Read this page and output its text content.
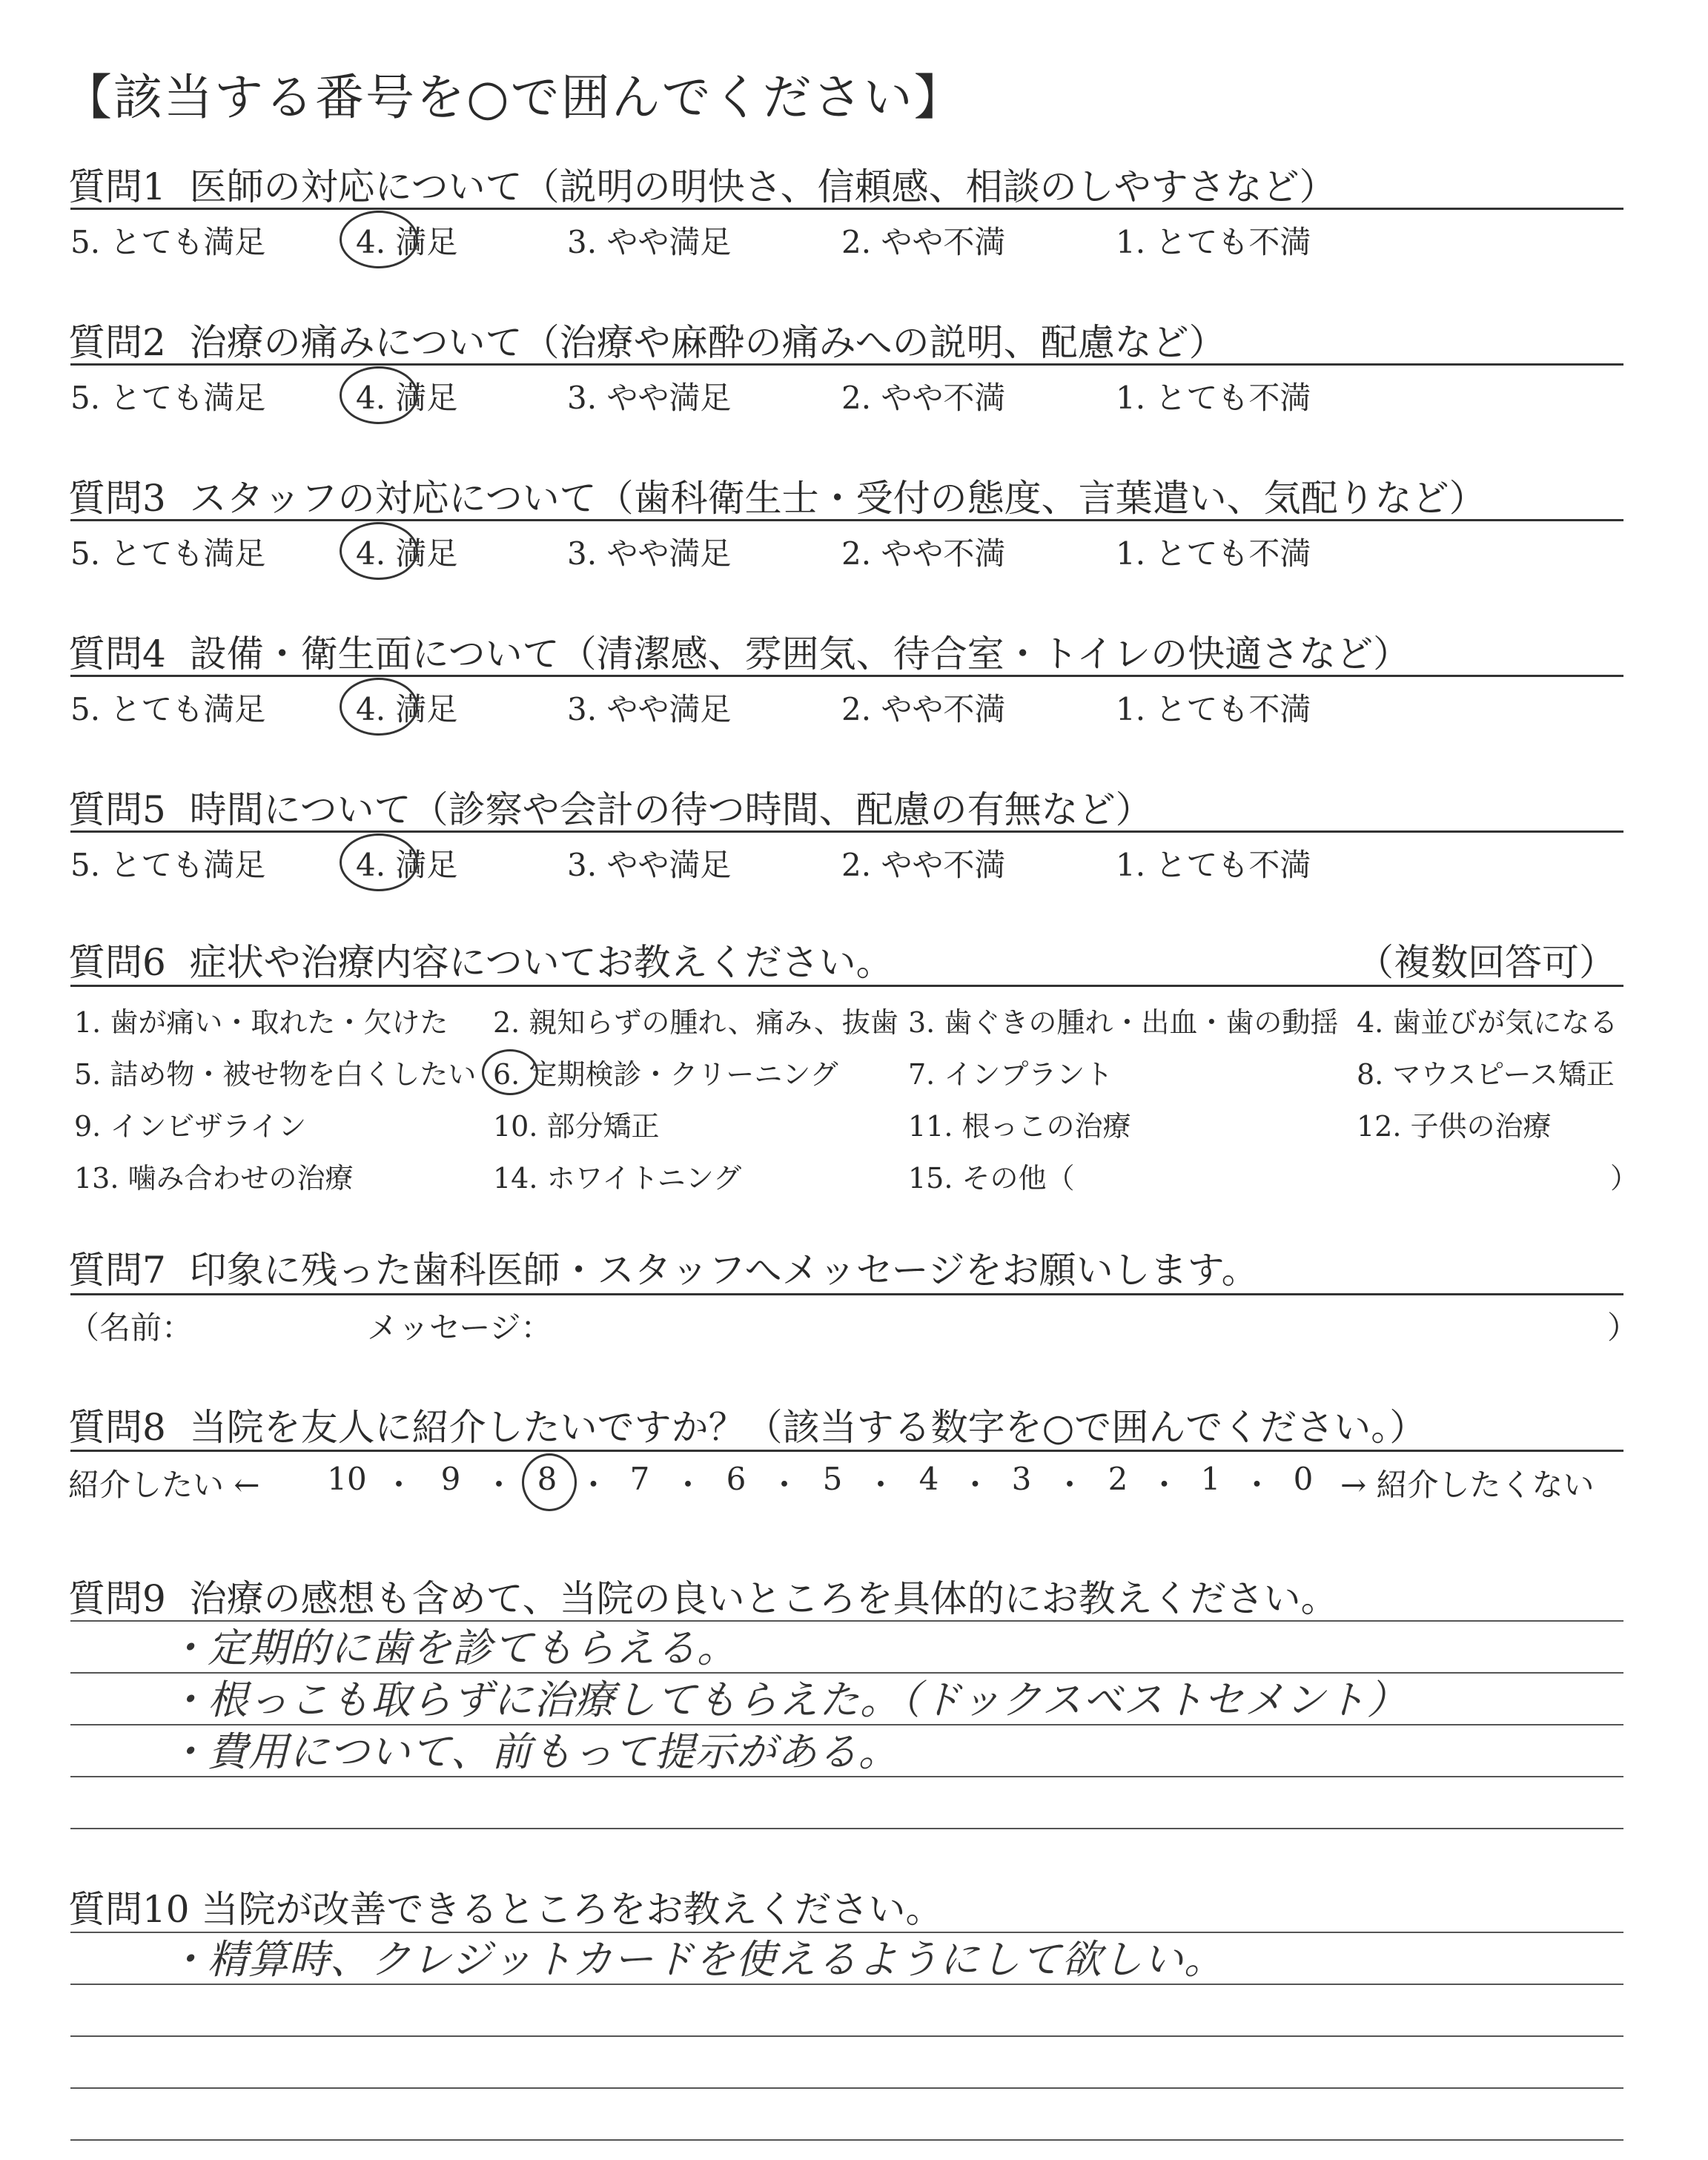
【該当する番号を○で囲んでください】
質問1 医師の対応について（説明の明快さ、信頼感、相談のしやすさなど）
5. とても満足	4. 満足	3. やや満足	2. やや不満	1. とても不満
質問2 治療の痛みについて（治療や麻酔の痛みへの説明、配慮など）
5. とても満足	4. 満足	3. やや満足	2. やや不満	1. とても不満
質問3 スタッフの対応について（歯科衛生士・受付の態度、言葉遣い、気配りなど）
5. とても満足	4. 満足	3. やや満足	2. やや不満	1. とても不満
質問4 設備・衛生面について（清潔感、雰囲気、待合室・トイレの快適さなど）
5. とても満足	4. 満足	3. やや満足	2. やや不満	1. とても不満
質問5 時間について（診察や会計の待つ時間、配慮の有無など）
5. とても満足	4. 満足	3. やや満足	2. やや不満	1. とても不満
質問6 症状や治療内容についてお教えください。	（複数回答可）
1. 歯が痛い・取れた・欠けた 2. 親知らずの腫れ、痛み、抜歯 3. 歯ぐきの腫れ・出血・歯の動揺 4. 歯並びが気になる
5. 詰め物・被せ物を白くしたい 6. 定期検診・クリーニング 7. インプラント	8. マウスピース矯正
9. インビザライン	10. 部分矯正	11. 根っこの治療	12. 子供の治療
13. 噛み合わせの治療	14. ホワイトニング	15. その他（	）
質問7 印象に残った歯科医師・スタッフへメッセージをお願いします。
（名前：	メッセージ：	）
質問8 当院を友人に紹介したいですか？（該当する数字を○で囲んでください。）
紹介したい ← 10 ・ 9 ・ 8 ・ 7 ・ 6 ・ 5 ・ 4 ・ 3 ・ 2 ・ 1 ・ 0 → 紹介したくない
質問9 治療の感想も含めて、当院の良いところを具体的にお教えください。
・定期的に歯を診てもらえる。
・根っこも取らずに治療してもらえた。（ドックスベストセメント）
・費用について、前もって提示がある。
質問10 当院が改善できるところをお教えください。
・精算時、クレジットカードを使えるようにして欲しい。
